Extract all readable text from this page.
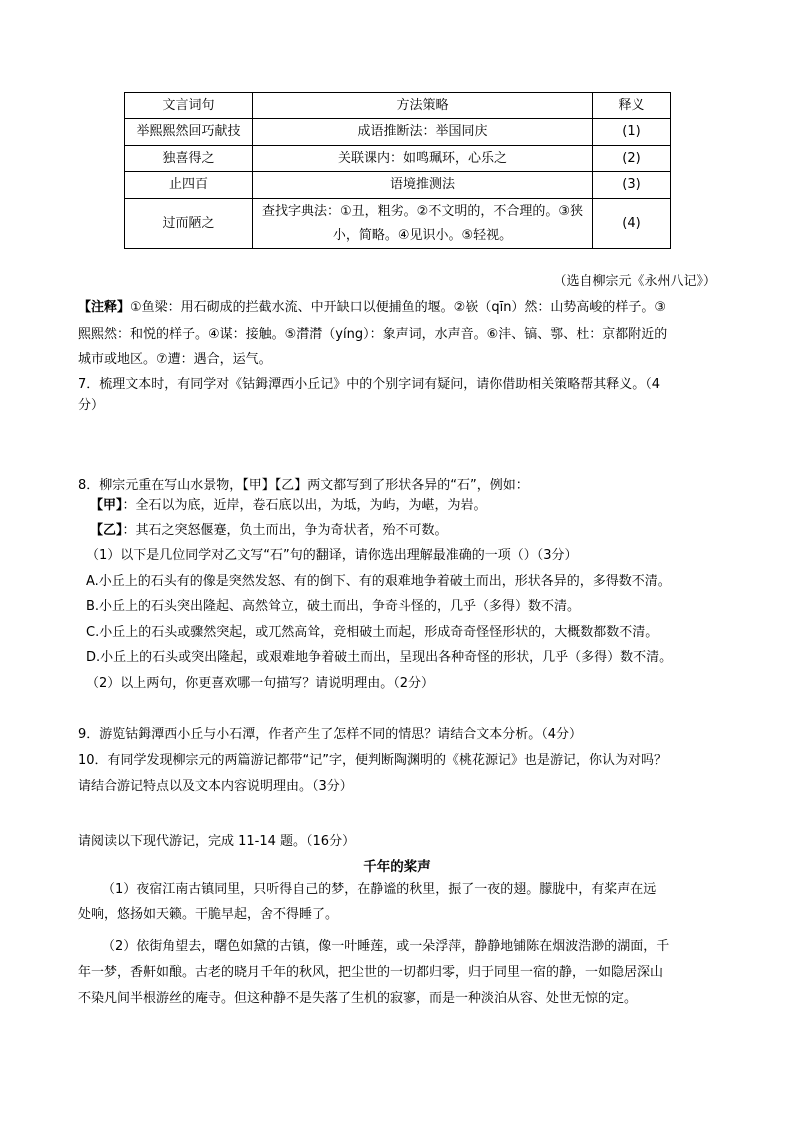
文言词句	方法策略	释义
举熙熙然回巧献技	成语推断法：举国同庆	(1)
独喜得之	关联课内：如鸣珮环，心乐之	(2)
止四百	语境推测法	(3)
过而陋之	查找字典法：①丑，粗劣。②不文明的，不合理的。③狭小，简略。④见识小。⑤轻视。	(4)
（选自柳宗元《永州八记》）
【注释】①鱼梁：用石砌成的拦截水流、中开缺口以便捕鱼的堰。②嵚（qīn）然：山势高峻的样子。③
熙熙然：和悦的样子。④谋：接触。⑤潸潸（yíng）：象声词，水声音。⑥沣、镐、鄠、杜：京都附近的
城市或地区。⑦遭：遇合，运气。
7．梳理文本时，有同学对《钴鉧潭西小丘记》中的个别字词有疑问，请你借助相关策略帮其释义。（4
分）
8．柳宗元重在写山水景物，【甲】【乙】两文都写到了形状各异的“石”，例如：
【甲】：全石以为底，近岸，卷石底以出，为坻，为屿，为嵁，为岩。
【乙】：其石之突怒偃蹇，负土而出，争为奇状者，殆不可数。
（1）以下是几位同学对乙文写“石”句的翻译，请你选出理解最准确的一项（）（3分）
A.小丘上的石头有的像是突然发怒、有的倒下、有的艰难地争着破土而出，形状各异的，多得数不清。
B.小丘上的石头突出隆起、高然耸立，破土而出，争奇斗怪的，几乎（多得）数不清。
C.小丘上的石头或骤然突起，或兀然高耸，竞相破土而起，形成奇奇怪怪形状的，大概数都数不清。
D.小丘上的石头或突出隆起，或艰难地争着破土而出，呈现出各种奇怪的形状，几乎（多得）数不清。
（2）以上两句，你更喜欢哪一句描写？请说明理由。（2分）
9．游览钴鉧潭西小丘与小石潭，作者产生了怎样不同的情思？请结合文本分析。（4分）
10．有同学发现柳宗元的两篇游记都带“记”字，便判断陶渊明的《桃花源记》也是游记，你认为对吗？
请结合游记特点以及文本内容说明理由。（3分）
请阅读以下现代游记，完成 11-14 题。（16分）
千年的桨声
（1）夜宿江南古镇同里，只听得自己的梦，在静谧的秋里，振了一夜的翅。朦胧中，有桨声在远
处响，悠扬如天籁。干脆早起，舍不得睡了。
（2）依街角望去，曙色如黛的古镇，像一叶睡莲，或一朵浮萍，静静地铺陈在烟波浩渺的湖面，千
年一梦，香鼾如酿。古老的晓月千年的秋风，把尘世的一切都归零，归于同里一宿的静，一如隐居深山
不染凡间半根游丝的庵寺。但这种静不是失落了生机的寂寥，而是一种淡泊从容、处世无惊的定。
